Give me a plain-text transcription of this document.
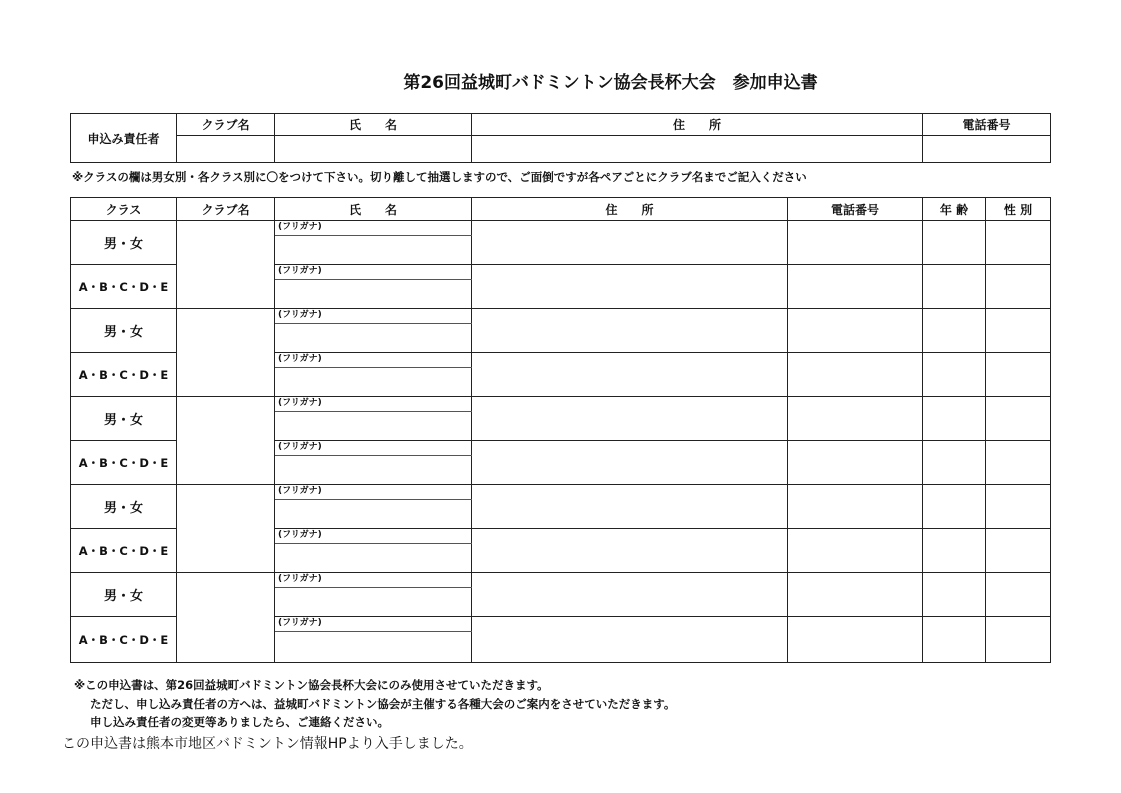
第26回益城町バドミントン協会長杯大会　参加申込書
申込み責任者	クラブ名	氏　　名	住　　所	電話番号

※クラスの欄は男女別・各クラス別に〇をつけて下さい。切り離して抽選しますので、ご面倒ですが各ペアごとにクラブ名までご記入ください
クラス	クラブ名	氏　　名	住　　所	電話番号	年 齢	性 別
男・女		(フリガナ)				

A・B・C・D・E		(フリガナ)				

男・女		(フリガナ)				

A・B・C・D・E		(フリガナ)				

男・女		(フリガナ)				

A・B・C・D・E		(フリガナ)				

男・女		(フリガナ)				

A・B・C・D・E		(フリガナ)				

男・女		(フリガナ)				

A・B・C・D・E		(フリガナ)				

※この申込書は、第26回益城町バドミントン協会長杯大会にのみ使用させていただきます。
ただし、申し込み責任者の方へは、益城町バドミントン協会が主催する各種大会のご案内をさせていただきます。
申し込み責任者の変更等ありましたら、ご連絡ください。
この申込書は熊本市地区バドミントン情報HPより入手しました。
